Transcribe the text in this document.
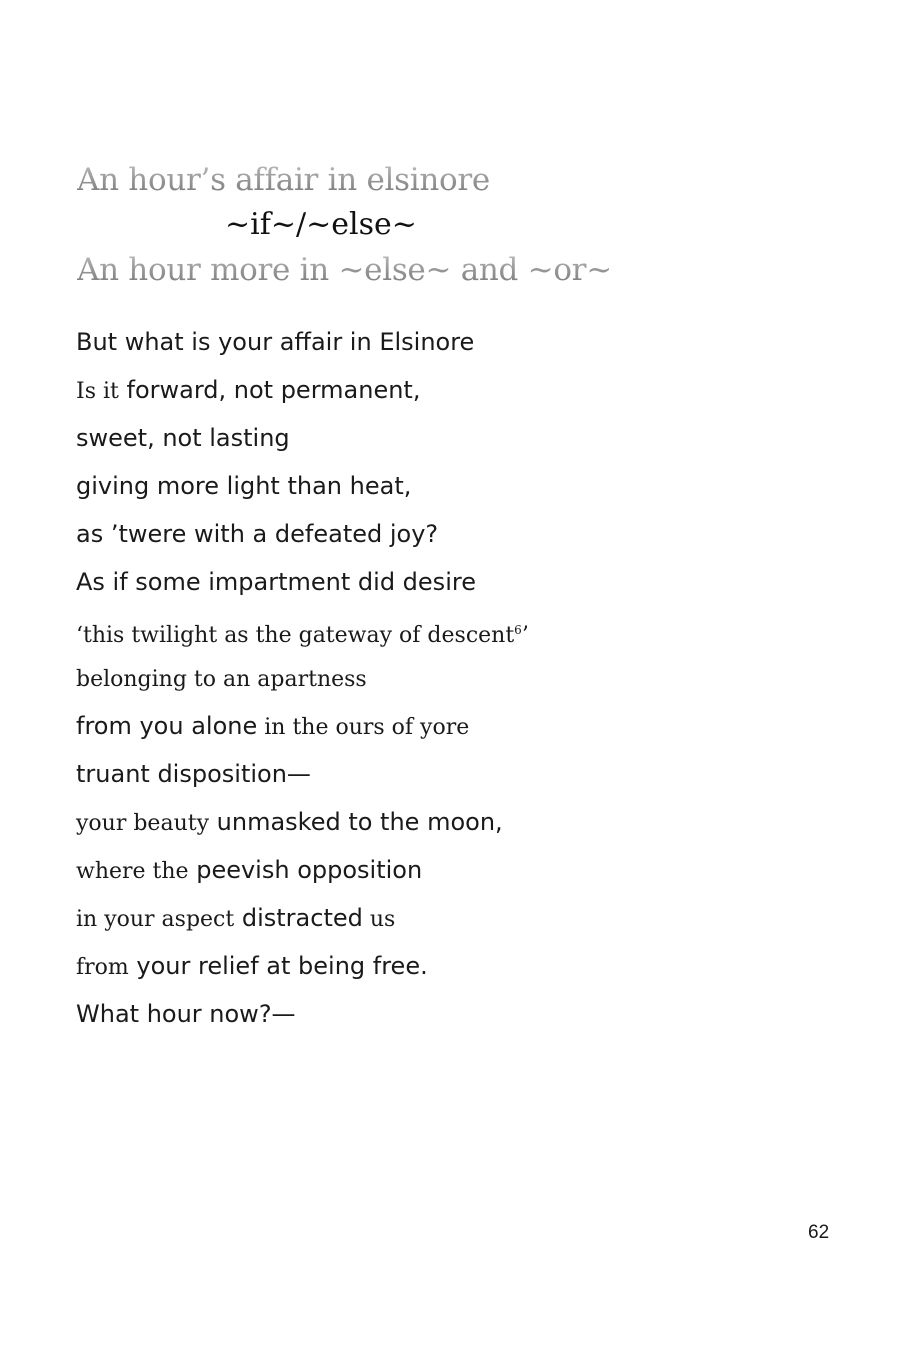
An hour’s affair in elsinore
~if~/~else~
An hour more in ~else~ and ~or~
But what is your affair in Elsinore
Is it forward, not permanent,
sweet, not lasting
giving more light than heat,
as ’twere with a defeated joy?
As if some impartment did desire
‘this twilight as the gateway of descent$^6$’
belonging to an apartness
from you alone in the ours of yore
truant disposition—
your beauty unmasked to the moon,
where the peevish opposition
in your aspect distracted us
from your relief at being free.
What hour now?—
62
